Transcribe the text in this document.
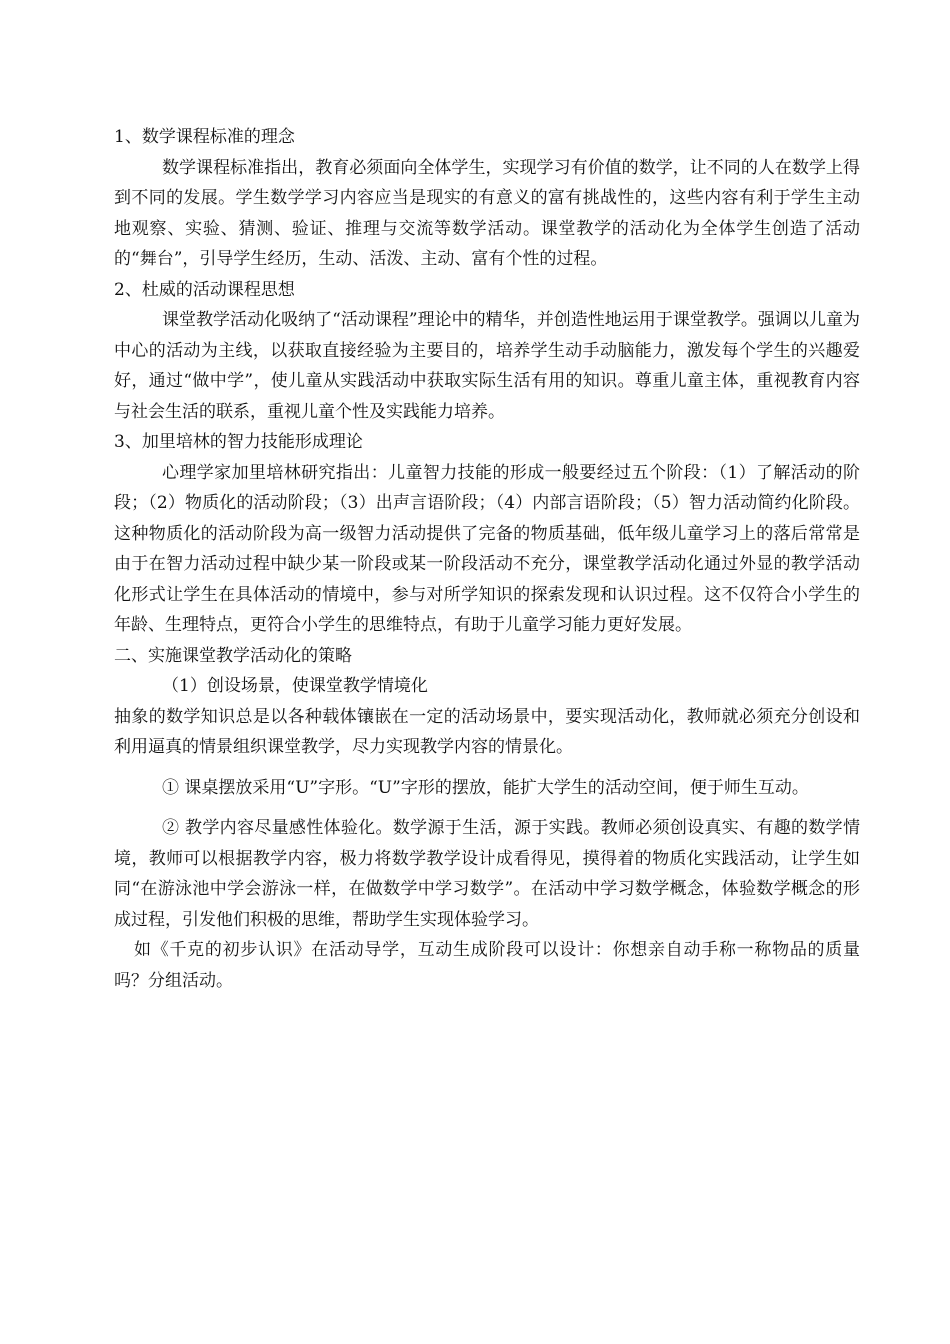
1、数学课程标准的理念

数学课程标准指出，教育必须面向全体学生，实现学习有价值的数学，让不同的人在数学上得到不同的发展。学生数学学习内容应当是现实的有意义的富有挑战性的，这些内容有利于学生主动地观察、实验、猜测、验证、推理与交流等数学活动。课堂教学的活动化为全体学生创造了活动的“舞台”，引导学生经历，生动、活泼、主动、富有个性的过程。

2、杜威的活动课程思想

课堂教学活动化吸纳了“活动课程”理论中的精华，并创造性地运用于课堂教学。强调以儿童为中心的活动为主线，以获取直接经验为主要目的，培养学生动手动脑能力，激发每个学生的兴趣爱好，通过“做中学”，使儿童从实践活动中获取实际生活有用的知识。尊重儿童主体，重视教育内容与社会生活的联系，重视儿童个性及实践能力培养。

3、加里培林的智力技能形成理论

心理学家加里培林研究指出：儿童智力技能的形成一般要经过五个阶段：（1）了解活动的阶段；（2）物质化的活动阶段；（3）出声言语阶段；（4）内部言语阶段；（5）智力活动简约化阶段。这种物质化的活动阶段为高一级智力活动提供了完备的物质基础，低年级儿童学习上的落后常常是由于在智力活动过程中缺少某一阶段或某一阶段活动不充分，课堂教学活动化通过外显的教学活动化形式让学生在具体活动的情境中，参与对所学知识的探索发现和认识过程。这不仅符合小学生的年龄、生理特点，更符合小学生的思维特点，有助于儿童学习能力更好发展。

二、实施课堂教学活动化的策略

（1）创设场景，使课堂教学情境化

抽象的数学知识总是以各种载体镶嵌在一定的活动场景中，要实现活动化，教师就必须充分创设和利用逼真的情景组织课堂教学，尽力实现教学内容的情景化。

① 课桌摆放采用“U”字形。“U”字形的摆放，能扩大学生的活动空间，便于师生互动。

② 教学内容尽量感性体验化。数学源于生活，源于实践。教师必须创设真实、有趣的数学情境，教师可以根据教学内容，极力将数学教学设计成看得见，摸得着的物质化实践活动，让学生如同“在游泳池中学会游泳一样，在做数学中学习数学”。在活动中学习数学概念，体验数学概念的形成过程，引发他们积极的思维，帮助学生实现体验学习。

如《千克的初步认识》在活动导学，互动生成阶段可以设计：你想亲自动手称一称物品的质量吗？分组活动。
